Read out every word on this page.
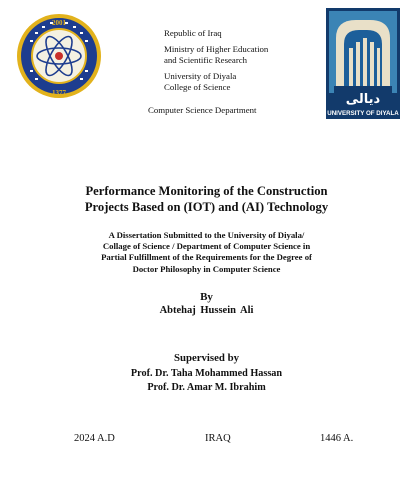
2001
1377
Republic of Iraq
Ministry of Higher Education
and Scientific Research
University of Diyala
College of Science
Computer Science Department
ديالى
UNIVERSITY OF DIYALA
Performance Monitoring of the Construction
Projects Based on (IOT) and (AI) Technology
A Dissertation Submitted to the University of Diyala/
Collage of Science / Department of Computer Science in
Partial Fulfillment of the Requirements for the Degree of
Doctor Philosophy in Computer Science
By
Abtehaj Hussein Ali
Supervised by
Prof. Dr. Taha Mohammed Hassan
Prof. Dr. Amar M. Ibrahim
2024 A.D	IRAQ	1446 A.
